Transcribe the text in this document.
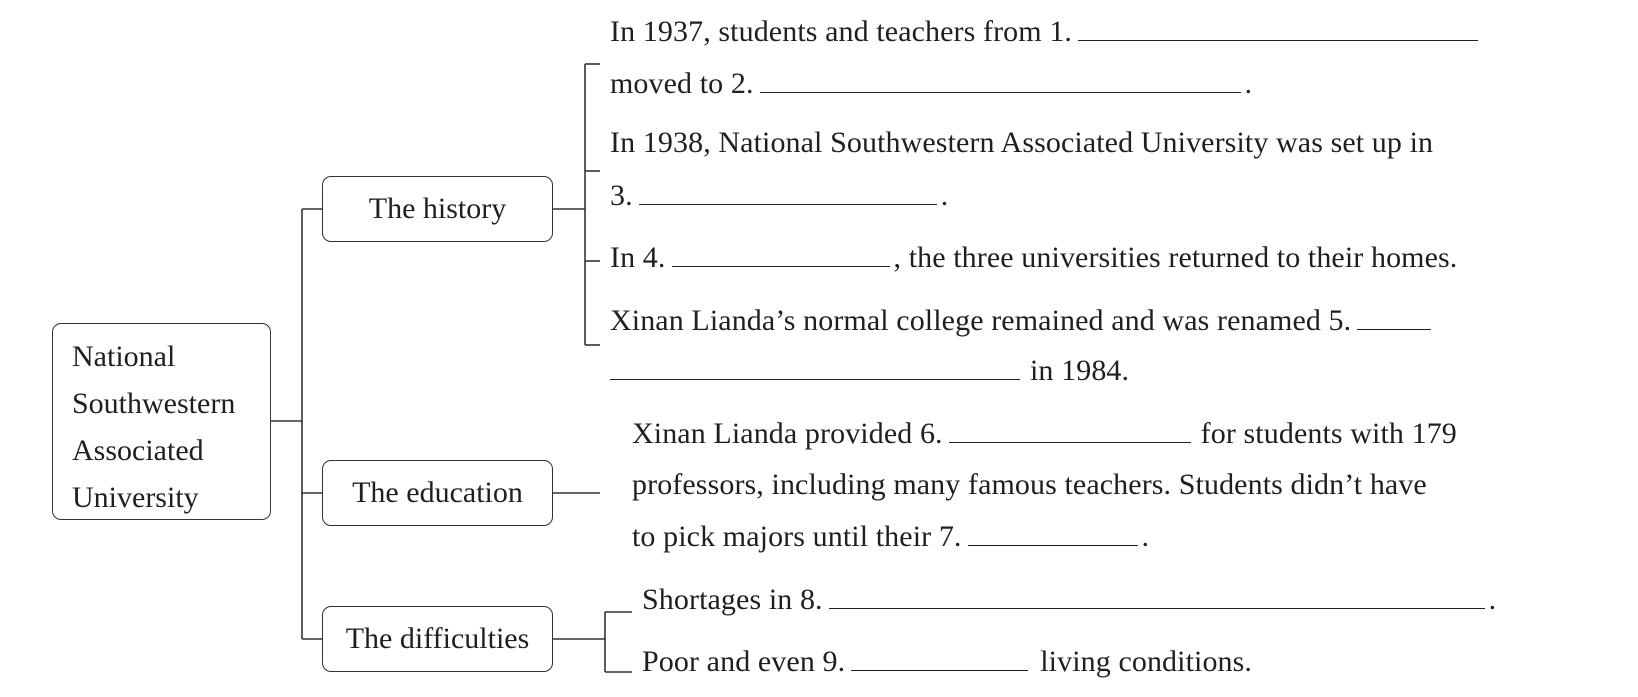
National Southwestern Associated University
The history
The education
The difficulties
In 1937, students and teachers from 1.
moved to 2.	.
In 1938, National Southwestern Associated University was set up in
3.	.
In 4.	, the three universities returned to their homes.
Xinan Lianda’s normal college remained and was renamed 5.
in 1984.
Xinan Lianda provided 6.	for students with 179
professors, including many famous teachers. Students didn’t have
to pick majors until their 7.	.
Shortages in 8.	.
Poor and even 9.	living conditions.
